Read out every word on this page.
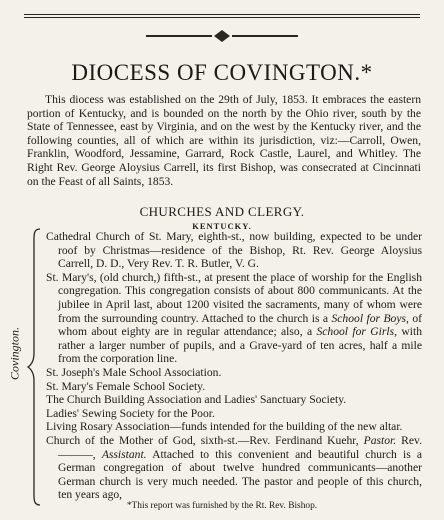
DIOCESS OF COVINGTON.*

This diocess was established on the 29th of July, 1853. It embraces the eastern portion of Kentucky, and is bounded on the north by the Ohio river, south by the State of Tennessee, east by Virginia, and on the west by the Kentucky river, and the following counties, all of which are within its jurisdiction, viz:—Carroll, Owen, Franklin, Woodford, Jessamine, Garrard, Rock Castle, Laurel, and Whitley. The Right Rev. George Aloysius Carrell, its first Bishop, was consecrated at Cincinnati on the Feast of all Saints, 1853.

CHURCHES AND CLERGY.
KENTUCKY.
Covington.
Cathedral Church of St. Mary, eighth-st., now building, expected to be under roof by Christmas—residence of the Bishop, Rt. Rev. George Aloysius Carrell, D. D., Very Rev. T. R. Butler, V. G.
St. Mary's, (old church,) fifth-st., at present the place of worship for the English congregation. This congregation consists of about 800 communicants. At the jubilee in April last, about 1200 visited the sacraments, many of whom were from the surrounding country. Attached to the church is a School for Boys, of whom about eighty are in regular attendance; also, a School for Girls, with rather a larger number of pupils, and a Grave-yard of ten acres, half a mile from the corporation line.
St. Joseph's Male School Association.
St. Mary's Female School Society.
The Church Building Association and Ladies' Sanctuary Society.
Ladies' Sewing Society for the Poor.
Living Rosary Association—funds intended for the building of the new altar.
Church of the Mother of God, sixth-st.—Rev. Ferdinand Kuehr, Pastor. Rev. ———, Assistant. Attached to this convenient and beautiful church is a German congregation of about twelve hundred communicants—another German church is very much needed. The pastor and people of this church, ten years ago,
*This report was furnished by the Rt. Rev. Bishop.
